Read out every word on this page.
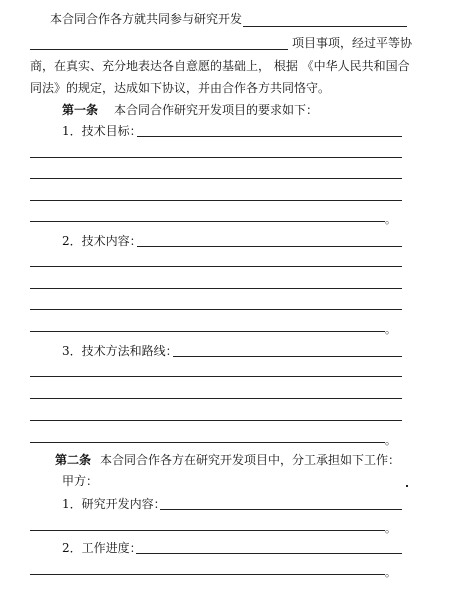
本合同合作各方就共同参与研究开发
项目事项，经过平等协
商，在真实、充分地表达各自意愿的基础上， 根据 《中华人民共和国合
同法》的规定，达成如下协议，并由合作各方共同恪守。
第一条 本合同合作研究开发项目的要求如下：
1．技术目标：
。
2．技术内容：
。
3．技术方法和路线：
。
第二条 本合同合作各方在研究开发项目中，分工承担如下工作：
甲方：
1．研究开发内容：
。
2．工作进度：
。
